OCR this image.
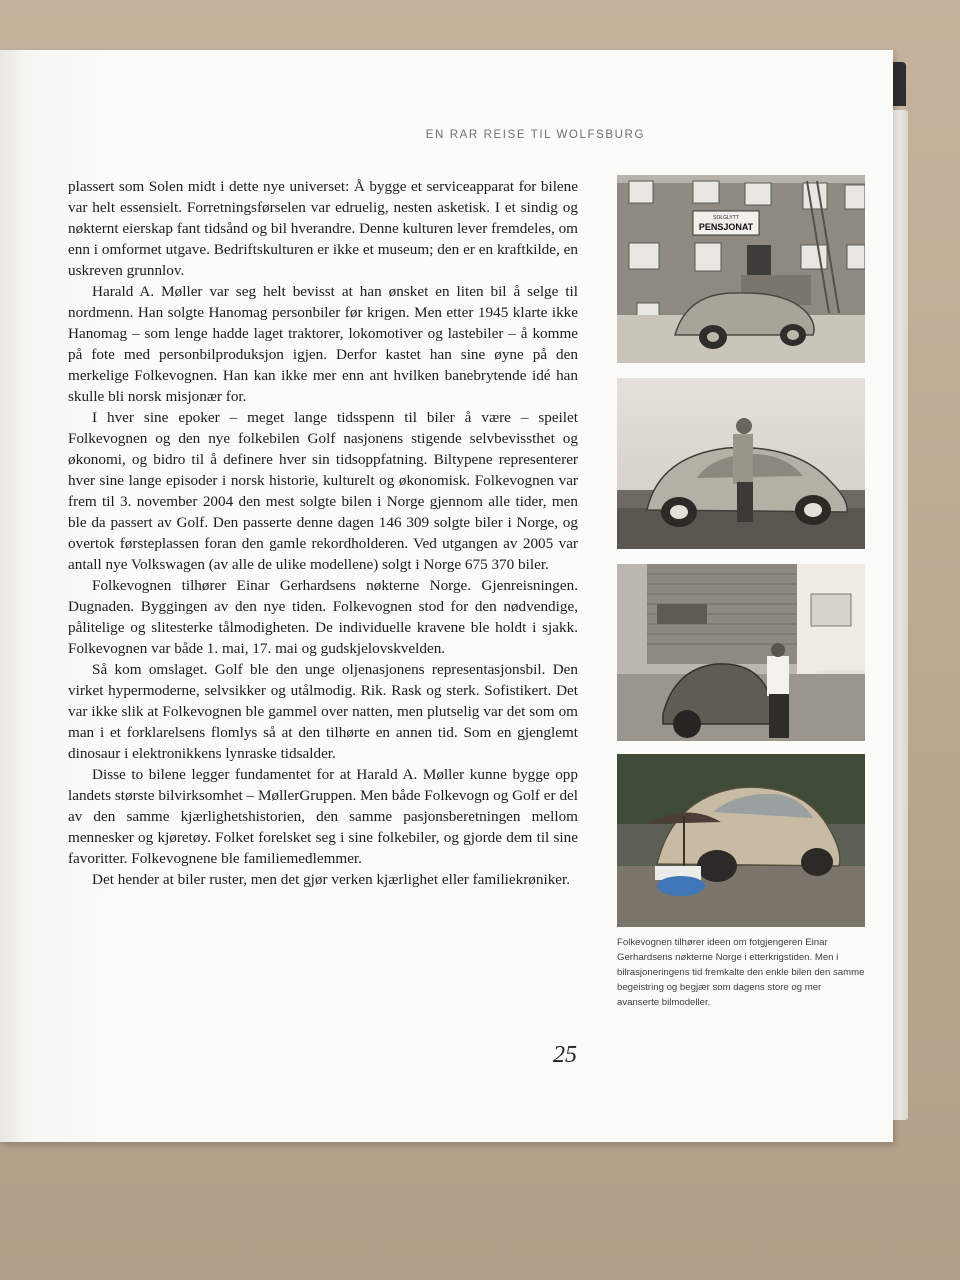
EN RAR REISE TIL WOLFSBURG

plassert som Solen midt i dette nye universet: Å bygge et serviceapparat for bilene var helt essensielt. Forretningsførselen var edruelig, nesten asketisk. I et sindig og nøkternt eierskap fant tidsånd og bil hverandre. Denne kulturen lever fremdeles, om enn i omformet utgave. Bedriftskulturen er ikke et museum; den er en kraftkilde, en uskreven grunnlov.

Harald A. Møller var seg helt bevisst at han ønsket en liten bil å selge til nordmenn. Han solgte Hanomag personbiler før krigen. Men etter 1945 klarte ikke Hanomag – som lenge hadde laget traktorer, lokomotiver og lastebiler – å komme på fote med personbilproduksjon igjen. Derfor kastet han sine øyne på den merkelige Folkevognen. Han kan ikke mer enn ant hvilken banebrytende idé han skulle bli norsk misjonær for.

I hver sine epoker – meget lange tidsspenn til biler å være – speilet Folkevognen og den nye folkebilen Golf nasjonens stigende selvbevissthet og økonomi, og bidro til å definere hver sin tidsoppfatning. Biltypene representerer hver sine lange episoder i norsk historie, kulturelt og økonomisk. Folkevognen var frem til 3. november 2004 den mest solgte bilen i Norge gjennom alle tider, men ble da passert av Golf. Den passerte denne dagen 146 309 solgte biler i Norge, og overtok førsteplassen foran den gamle rekordholderen. Ved utgangen av 2005 var antall nye Volkswagen (av alle de ulike modellene) solgt i Norge 675 370 biler.

Folkevognen tilhører Einar Gerhardsens nøkterne Norge. Gjenreisningen. Dugnaden. Byggingen av den nye tiden. Folkevognen stod for den nødvendige, pålitelige og slitesterke tålmodigheten. De individuelle kravene ble holdt i sjakk. Folkevognen var både 1. mai, 17. mai og gudskjelovskvelden.

Så kom omslaget. Golf ble den unge oljenasjonens representasjonsbil. Den virket hypermoderne, selvsikker og utålmodig. Rik. Rask og sterk. Sofistikert. Det var ikke slik at Folkevognen ble gammel over natten, men plutselig var det som om man i et forklarelsens flomlys så at den tilhørte en annen tid. Som en gjenglemt dinosaur i elektronikkens lynraske tidsalder.

Disse to bilene legger fundamentet for at Harald A. Møller kunne bygge opp landets største bilvirksomhet – MøllerGruppen. Men både Folkevogn og Golf er del av den samme kjærlighetshistorien, den samme pasjonsberetningen mellom mennesker og kjøretøy. Folket forelsket seg i sine folkebiler, og gjorde dem til sine favoritter. Folkevognene ble familiemedlemmer.

Det hender at biler ruster, men det gjør verken kjærlighet eller familiekrøniker.

SOLGLYTT
PENSJONAT
Folkevognen tilhører ideen om fotgjengeren Einar Gerhardsens nøkterne Norge i etterkrigstiden. Men i bilrasjoneringens tid fremkalte den enkle bilen den samme begeistring og begjær som dagens store og mer avanserte bilmodeller.
25
